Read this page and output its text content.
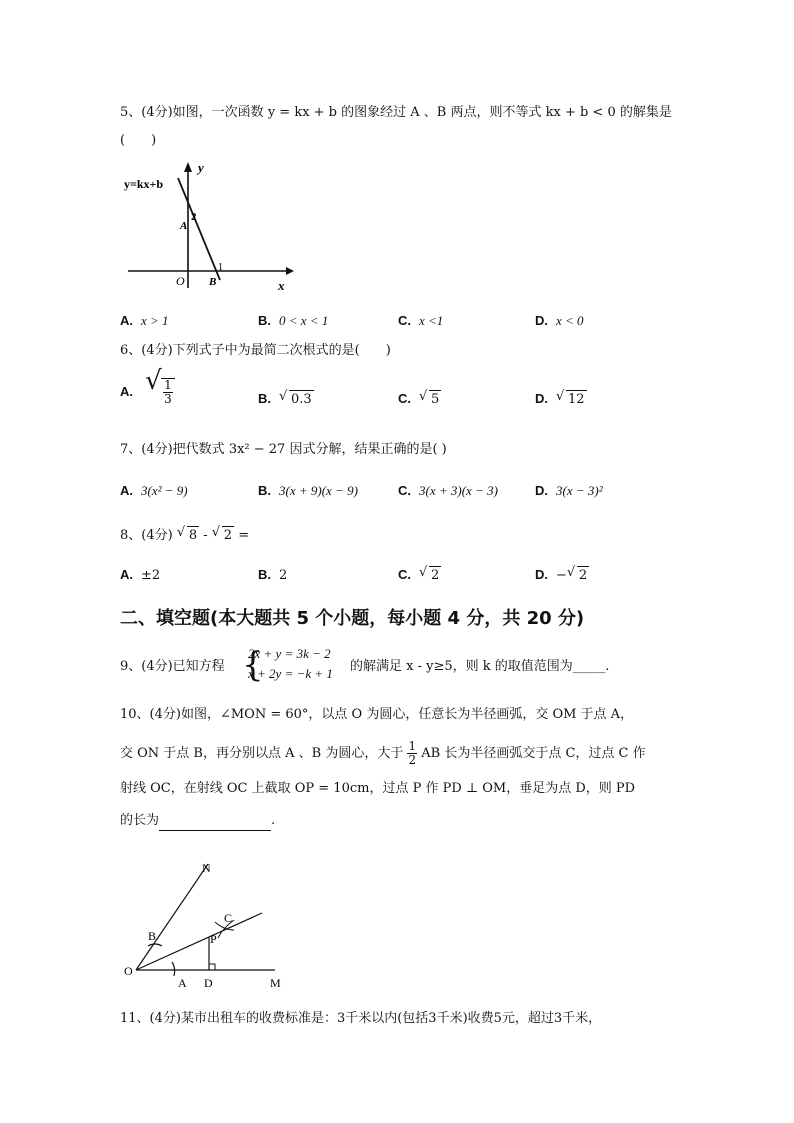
5、(4分)如图，一次函数 y = kx + b 的图象经过 A 、B 两点，则不等式 kx + b < 0 的解集是
(　　)
y=kx+b
y
x
O
A
2
B
1
A. x > 1	B. 0 < x < 1	C. x <1	D. x < 0
6、(4分)下列式子中为最简二次根式的是(　　)
A. √ $\frac{1}{3}$	B. √ 0.3	C. √ 5	D. √ 12
7、(4分)把代数式 3x² − 27 因式分解，结果正确的是( )
A. 3(x² − 9)	B. 3(x + 9)(x − 9)	C. 3(x + 3)(x − 3)	D. 3(x − 3)²
8、(4分) √ 8 - √ 2 =
A. ±2	B. 2	C. √ 2	D. − √ 2
二、填空题(本大题共 5 个小题，每小题 4 分，共 20 分)
9、(4分)已知方程 {
2x + y = 3k − 2
x + 2y = −k + 1 的解满足 x - y≥5，则 k 的取值范围为_____.
10、(4分)如图，∠MON = 60°，以点 O 为圆心，任意长为半径画弧，交 OM 于点 A，
交 ON 于点 B，再分别以点 A 、B 为圆心，大于 $\frac{1}{2}$ AB 长为半径画弧交于点 C，过点 C 作
射线 OC，在射线 OC 上截取 OP = 10cm，过点 P 作 PD ⊥ OM，垂足为点 D，则 PD
的长为	.
N
B
C
P
O
A D	M
11、(4分)某市出租车的收费标准是：3千米以内(包括3千米)收费5元，超过3千米，
